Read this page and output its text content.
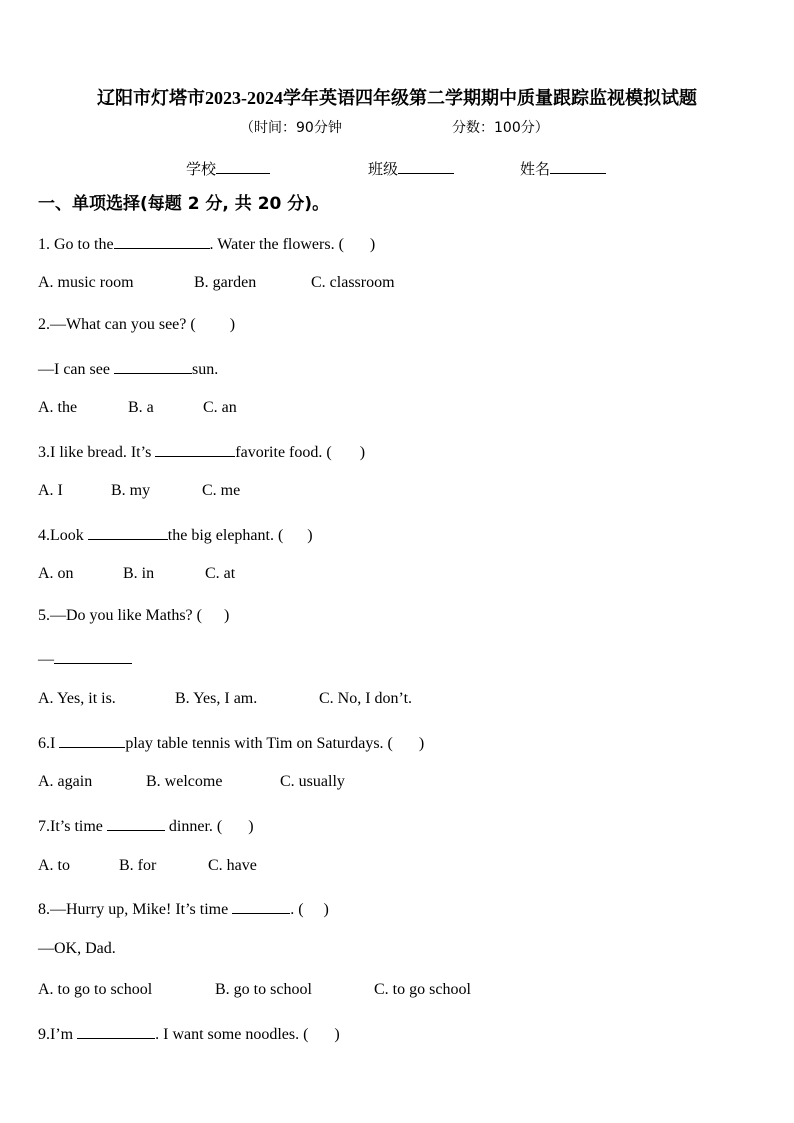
辽阳市灯塔市2023-2024学年英语四年级第二学期期中质量跟踪监视模拟试题
（时间：90分钟	分数：100分）
学校	班级	姓名
一、单项选择(每题 2 分, 共 20 分)。
1. Go to the	. Water the flowers. ( )
A. music room	B. garden	C. classroom
2.—What can you see? ( )
—I can see	sun.
A. the	B. a	C. an
3.I like bread. It’s	favorite food. ( )
A. I	B. my	C. me
4.Look	the big elephant. ( )
A. on	B. in	C. at
5.—Do you like Maths? ( )
—
A. Yes, it is.	B. Yes, I am.	C. No, I don’t.
6.I	play table tennis with Tim on Saturdays. ( )
A. again	B. welcome	C. usually
7.It’s time	dinner. ( )
A. to	B. for	C. have
8.—Hurry up, Mike! It’s time	. ( )
—OK, Dad.
A. to go to school	B. go to school	C. to go school
9.I’m	. I want some noodles. ( )
